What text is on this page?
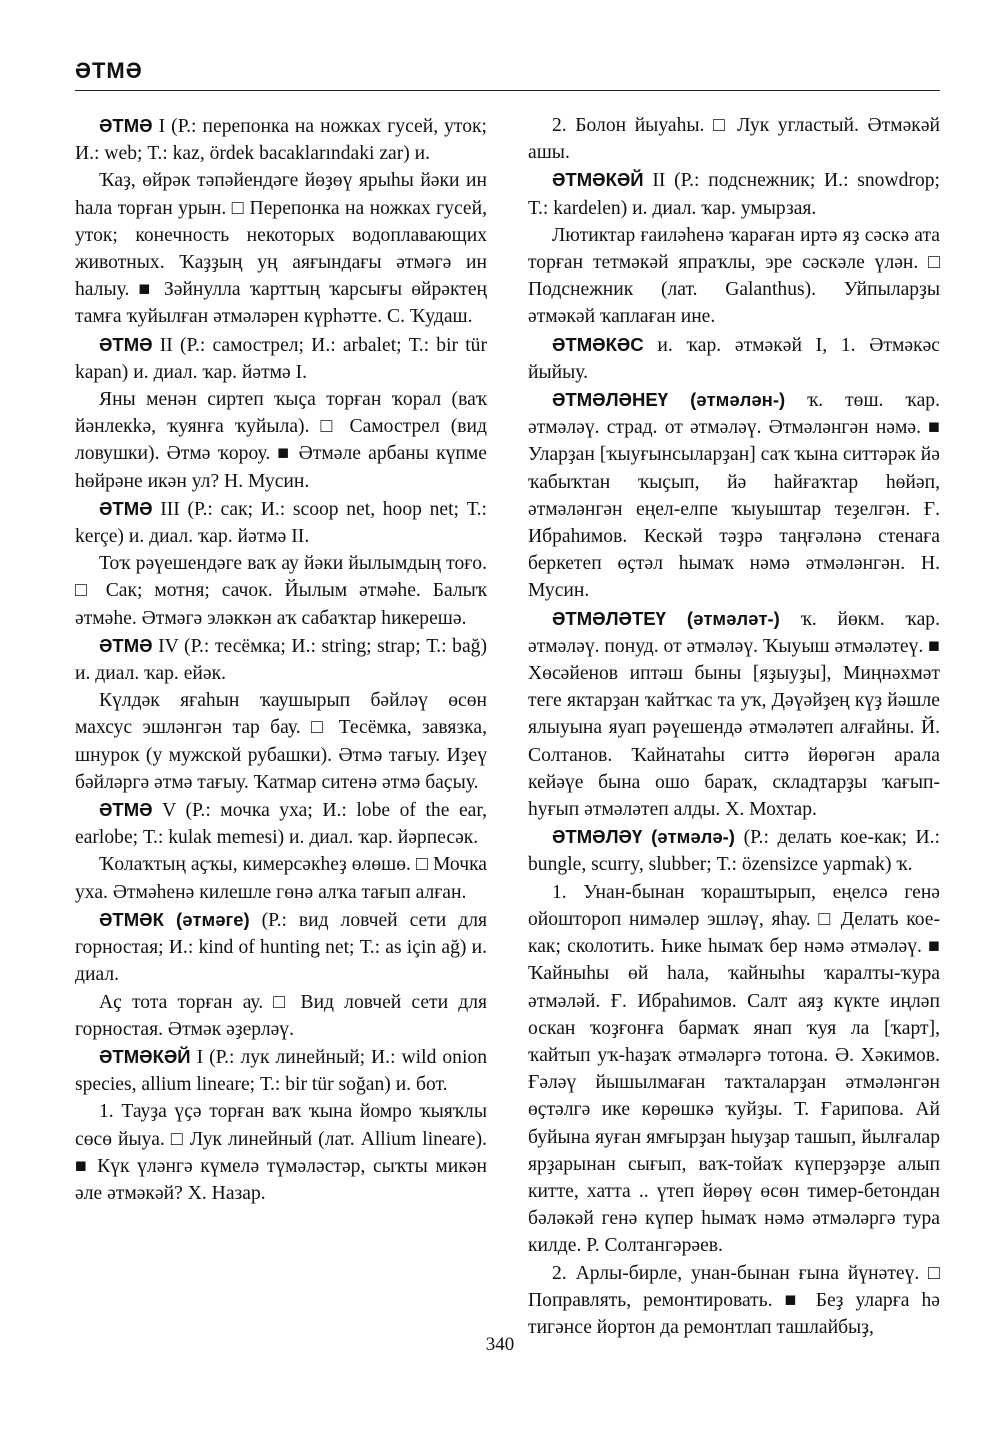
ӘТМӘ

ӘТМӘ I (Р.: перепонка на ножках гусей, уток; И.: web; Т.: kaz, ördek bacaklarındaki zar) и.

Ҡаҙ, өйрәк тәпәйендәге йөҙөү ярыһы йәки ин һала торған урын. □ Перепонка на ножках гусей, уток; конечность некоторых водоплавающих животных. Ҡаҙҙың уң аяғындағы әтмәгә ин һалыу. ■ Зәйнулла ҡарттың ҡарсығы өйрәктең тамға ҡуйылған әтмәләрен күрһәтте. С. Ҡудаш.

ӘТМӘ II (Р.: самострел; И.: arbalet; Т.: bir tür kapan) и. диал. ҡар. йәтмә I.

Яны менән сиртеп ҡыҫа торған ҡорал (ваҡ йәнлекkә, ҡуянға ҡуйыла). □ Самострел (вид ловушки). Әтмә ҡороу. ■ Әтмәле арбаны күпме һөйрәне икән ул? Н. Мусин.

ӘТМӘ III (Р.: сак; И.: scoop net, hoop net; Т.: kerçe) и. диал. ҡар. йәтмә II.

Тоҡ рәүешендәге ваҡ ау йәки йылымдың тоғо. □ Сак; мотня; сачок. Йылым әтмәһе. Балыҡ әтмәһе. Әтмәгә эләккән аҡ сабаҡтар һикерешә.

ӘТМӘ IV (Р.: тесёмка; И.: string; strap; Т.: bağ) и. диал. ҡар. ейәк.

Күлдәк яғаһын ҡаушырып бәйләү өсөн махсус эшләнгән тар бау. □ Тесёмка, завязка, шнурок (у мужской рубашки). Әтмә тағыу. Иҙеү бәйләргә әтмә тағыу. Ҡатмар ситенә әтмә баҫыу.

ӘТМӘ V (Р.: мочка уха; И.: lobe of the ear, earlobe; Т.: kulak memesi) и. диал. ҡар. йәрпесәк.

Ҡолаҡтың аҫҡы, кимерсәкһеҙ өлөшө. □ Мочка уха. Әтмәһенә килешле гөнә алҡа тағып алған.

ӘТМӘК (әтмәге) (Р.: вид ловчей сети для горностая; И.: kind of hunting net; Т.: as için ağ) и. диал.

Аҫ тота торған ау. □ Вид ловчей сети для горностая. Әтмәк әҙерләү.

ӘТМӘКӘЙ I (Р.: лук линейный; И.: wild onion species, allium lineare; Т.: bir tür soğan) и. бот.

1. Тауҙа үҫә торған ваҡ ҡына йомро ҡыяҡлы сөсө йыуа. □ Лук линейный (лат. Allium lineare). ■ Күк үләнгә күмелә түмәләстәр, сыҡты микән әле әтмәкәй? Х. Назар.

2. Болон йыуаһы. □ Лук угластый. Әтмәкәй ашы.

ӘТМӘКӘЙ II (Р.: подснежник; И.: snowdrop; Т.: kardelen) и. диал. ҡар. умырзая.

Лютиктар ғаиләһенә ҡараған иртә яҙ сәскә ата торған тетмәкәй япраҡлы, эре сәскәле үлән. □ Подснежник (лат. Galanthus). Уйпыларҙы әтмәкәй ҡаплаған ине.

ӘТМӘКӘС и. ҡар. әтмәкәй I, 1. Әтмәкәс йыйыу.

ӘТМӘЛӘНЕҮ (әтмәлән-) ҡ. төш. ҡар. әтмәләү. страд. от әтмәләү. Әтмәләнгән нәмә. ■ Уларҙан [ҡыуғынсыларҙан] саҡ ҡына ситтәрәк йә ҡабыҡтан ҡыҫып, йә һайғаҡтар һөйәп, әтмәләнгән еңел-елпе ҡыуыштар теҙелгән. Ғ. Ибраһимов. Кескәй тәҙрә таңғәләнә стенаға беркетеп өҫтәл һымаҡ нәмә әтмәләнгән. Н. Мусин.

ӘТМӘЛӘТЕҮ (әтмәләт-) ҡ. йөкм. ҡар. әтмәләү. понуд. от әтмәләү. Ҡыуыш әтмәләтеү. ■ Хөсәйенов иптәш быны [яҙыуҙы], Миңнәхмәт теге яктарҙан ҡайтҡас та уҡ, Дәүәйҙең күҙ йәшле ялыуына яуап рәүешендә әтмәләтеп алғайны. Й. Солтанов. Ҡайнатаһы ситтә йөрөгән арала кейәүе бына ошо бараҡ, складтарҙы ҡағып-һуғып әтмәләтеп алды. Х. Мохтар.

ӘТМӘЛӘҮ (әтмәлә-) (Р.: делать кое-как; И.: bungle, scurry, slubber; Т.: özensizce yapmak) ҡ.

1. Унан-бынан ҡораштырып, еңелсә генә ойоштороп нимәлер эшләү, яһау. □ Делать кое-как; сколотить. Һике һымаҡ бер нәмә әтмәләү. ■ Ҡайныһы өй һала, ҡайныһы ҡаралты-ҡура әтмәләй. Ғ. Ибраһимов. Салт аяҙ күкте иңләп оскан ҡоҙғонға бармаҡ янап ҡуя ла [ҡарт], ҡайтып уҡ-һаҙаҡ әтмәләргә тотона. Ә. Хәкимов. Ғәләү йышылмаған таҡталарҙан әтмәләнгән өҫтәлгә ике көрөшкә ҡуйҙы. Т. Ғарипова. Ай буйына яуған ямғырҙан һыуҙар ташып, йылғалар ярҙарынан сығып, ваҡ-тойаҡ күперҙәрҙе алып китте, хатта .. үтеп йөрөү өсөн тимер-бетондан бәләкәй генә күпер һымаҡ нәмә әтмәләргә тура килде. Р. Солтангәрәев.

2. Арлы-бирле, унан-бынан ғына йүнәтеү. □ Поправлять, ремонтировать. ■ Беҙ уларға һә тигәнсе йортон да ремонтлап ташлайбыҙ,

340
